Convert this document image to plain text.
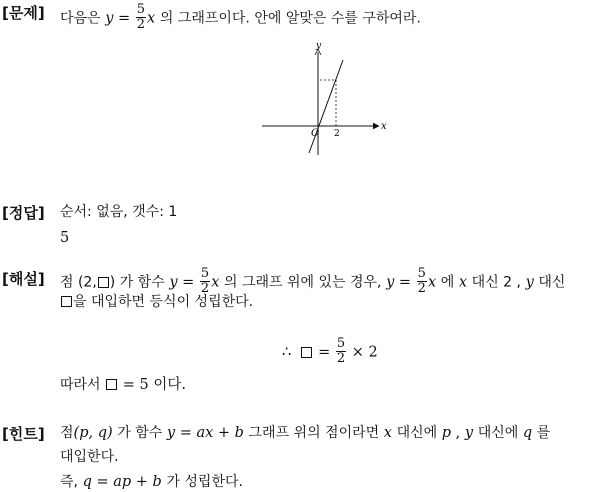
[문제] 다음은 $y = \frac{5}{2}$ x 의 그래프이다. 안에 알맞은 수를 구하여라.
y
x
O 2
[정답] 순서: 없음, 갯수: 1
5
[해설] 점 (2, ) 가 함수 $y = \frac{5}{2}$ x 의 그래프 위에 있는 경우, $y = \frac{5}{2}$ x 에 x 대신 2 , y 대신
을 대입하면 등식이 성립한다.
∴ = $\frac{5}{2} \times 2$
따라서 = 5 이다.
[힌트] 점(p, q) 가 함수 y = ax + b 그래프 위의 점이라면 x 대신에 p , y 대신에 q 를
대입한다.
즉, q = ap + b 가 성립한다.
